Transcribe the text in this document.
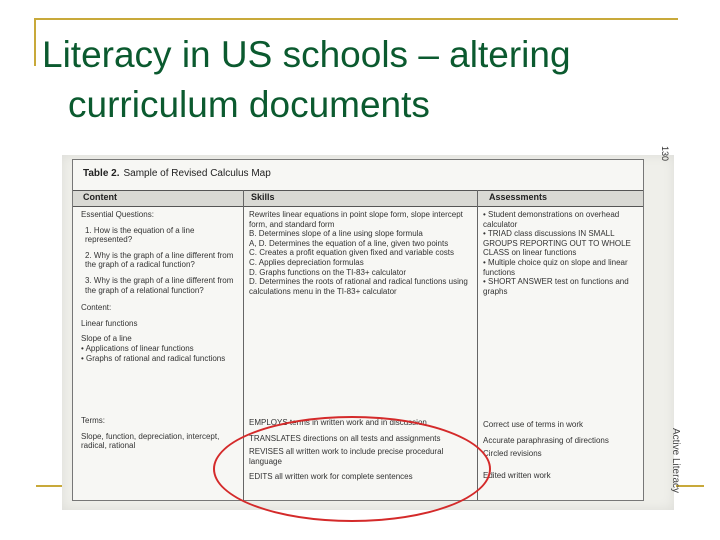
Literacy in US schools – altering
curriculum documents
Table 2. Sample of Revised Calculus Map
Content	Skills	Assessments

Essential Questions:

1. How is the equation of a line represented?

2. Why is the graph of a line different from the graph of a radical function?

3. Why is the graph of a line different from the graph of a relational function?

Content:

Linear functions

Slope of a line

• Applications of linear functions

• Graphs of rational and radical functions

Terms:

Slope, function, depreciation, intercept, radical, rational

Rewrites linear equations in point slope form, slope intercept form, and standard form

B. Determines slope of a line using slope formula

A, D. Determines the equation of a line, given two points

C. Creates a profit equation given fixed and variable costs

C. Applies depreciation formulas

D. Graphs functions on the TI-83+ calculator

D. Determines the roots of rational and radical functions using calculations menu in the TI-83+ calculator

EMPLOYS terms in written work and in discussion

TRANSLATES directions on all tests and assignments

REVISES all written work to include precise procedural language

EDITS all written work for complete sentences

• Student demonstrations on overhead calculator

• TRIAD class discussions IN SMALL GROUPS REPORTING OUT TO WHOLE CLASS on linear functions

• Multiple choice quiz on slope and linear functions

• SHORT ANSWER test on functions and graphs

Correct use of terms in work

Accurate paraphrasing of directions

Circled revisions

Edited written work

130
Active Literacy
